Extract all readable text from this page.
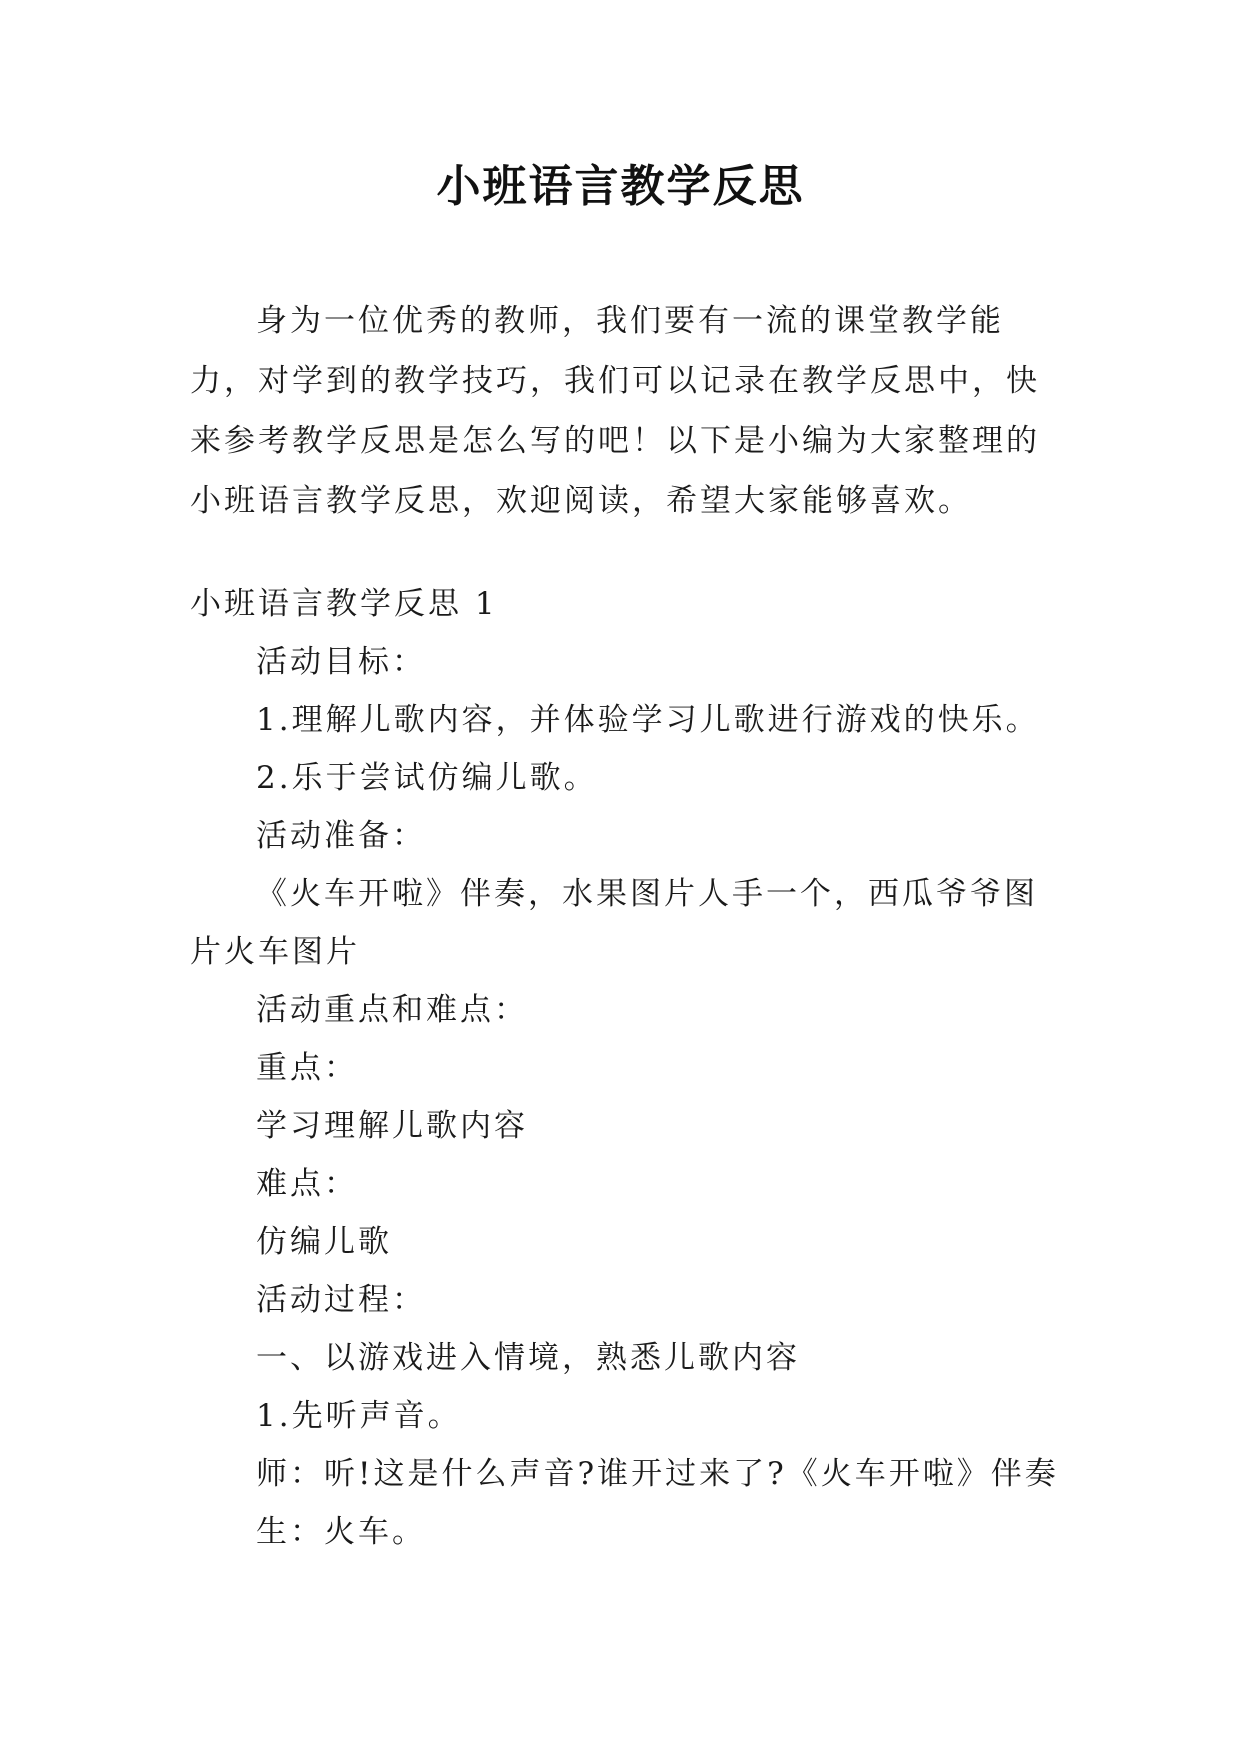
小班语言教学反思

身为一位优秀的教师，我们要有一流的课堂教学能力，对学到的教学技巧，我们可以记录在教学反思中，快来参考教学反思是怎么写的吧！以下是小编为大家整理的小班语言教学反思，欢迎阅读，希望大家能够喜欢。

小班语言教学反思 1

活动目标：

1.理解儿歌内容，并体验学习儿歌进行游戏的快乐。

2.乐于尝试仿编儿歌。

活动准备：

《火车开啦》伴奏，水果图片人手一个，西瓜爷爷图片火车图片

活动重点和难点：

重点：

学习理解儿歌内容

难点：

仿编儿歌

活动过程：

一、以游戏进入情境，熟悉儿歌内容

1.先听声音。

师：听!这是什么声音?谁开过来了?《火车开啦》伴奏

生：火车。
